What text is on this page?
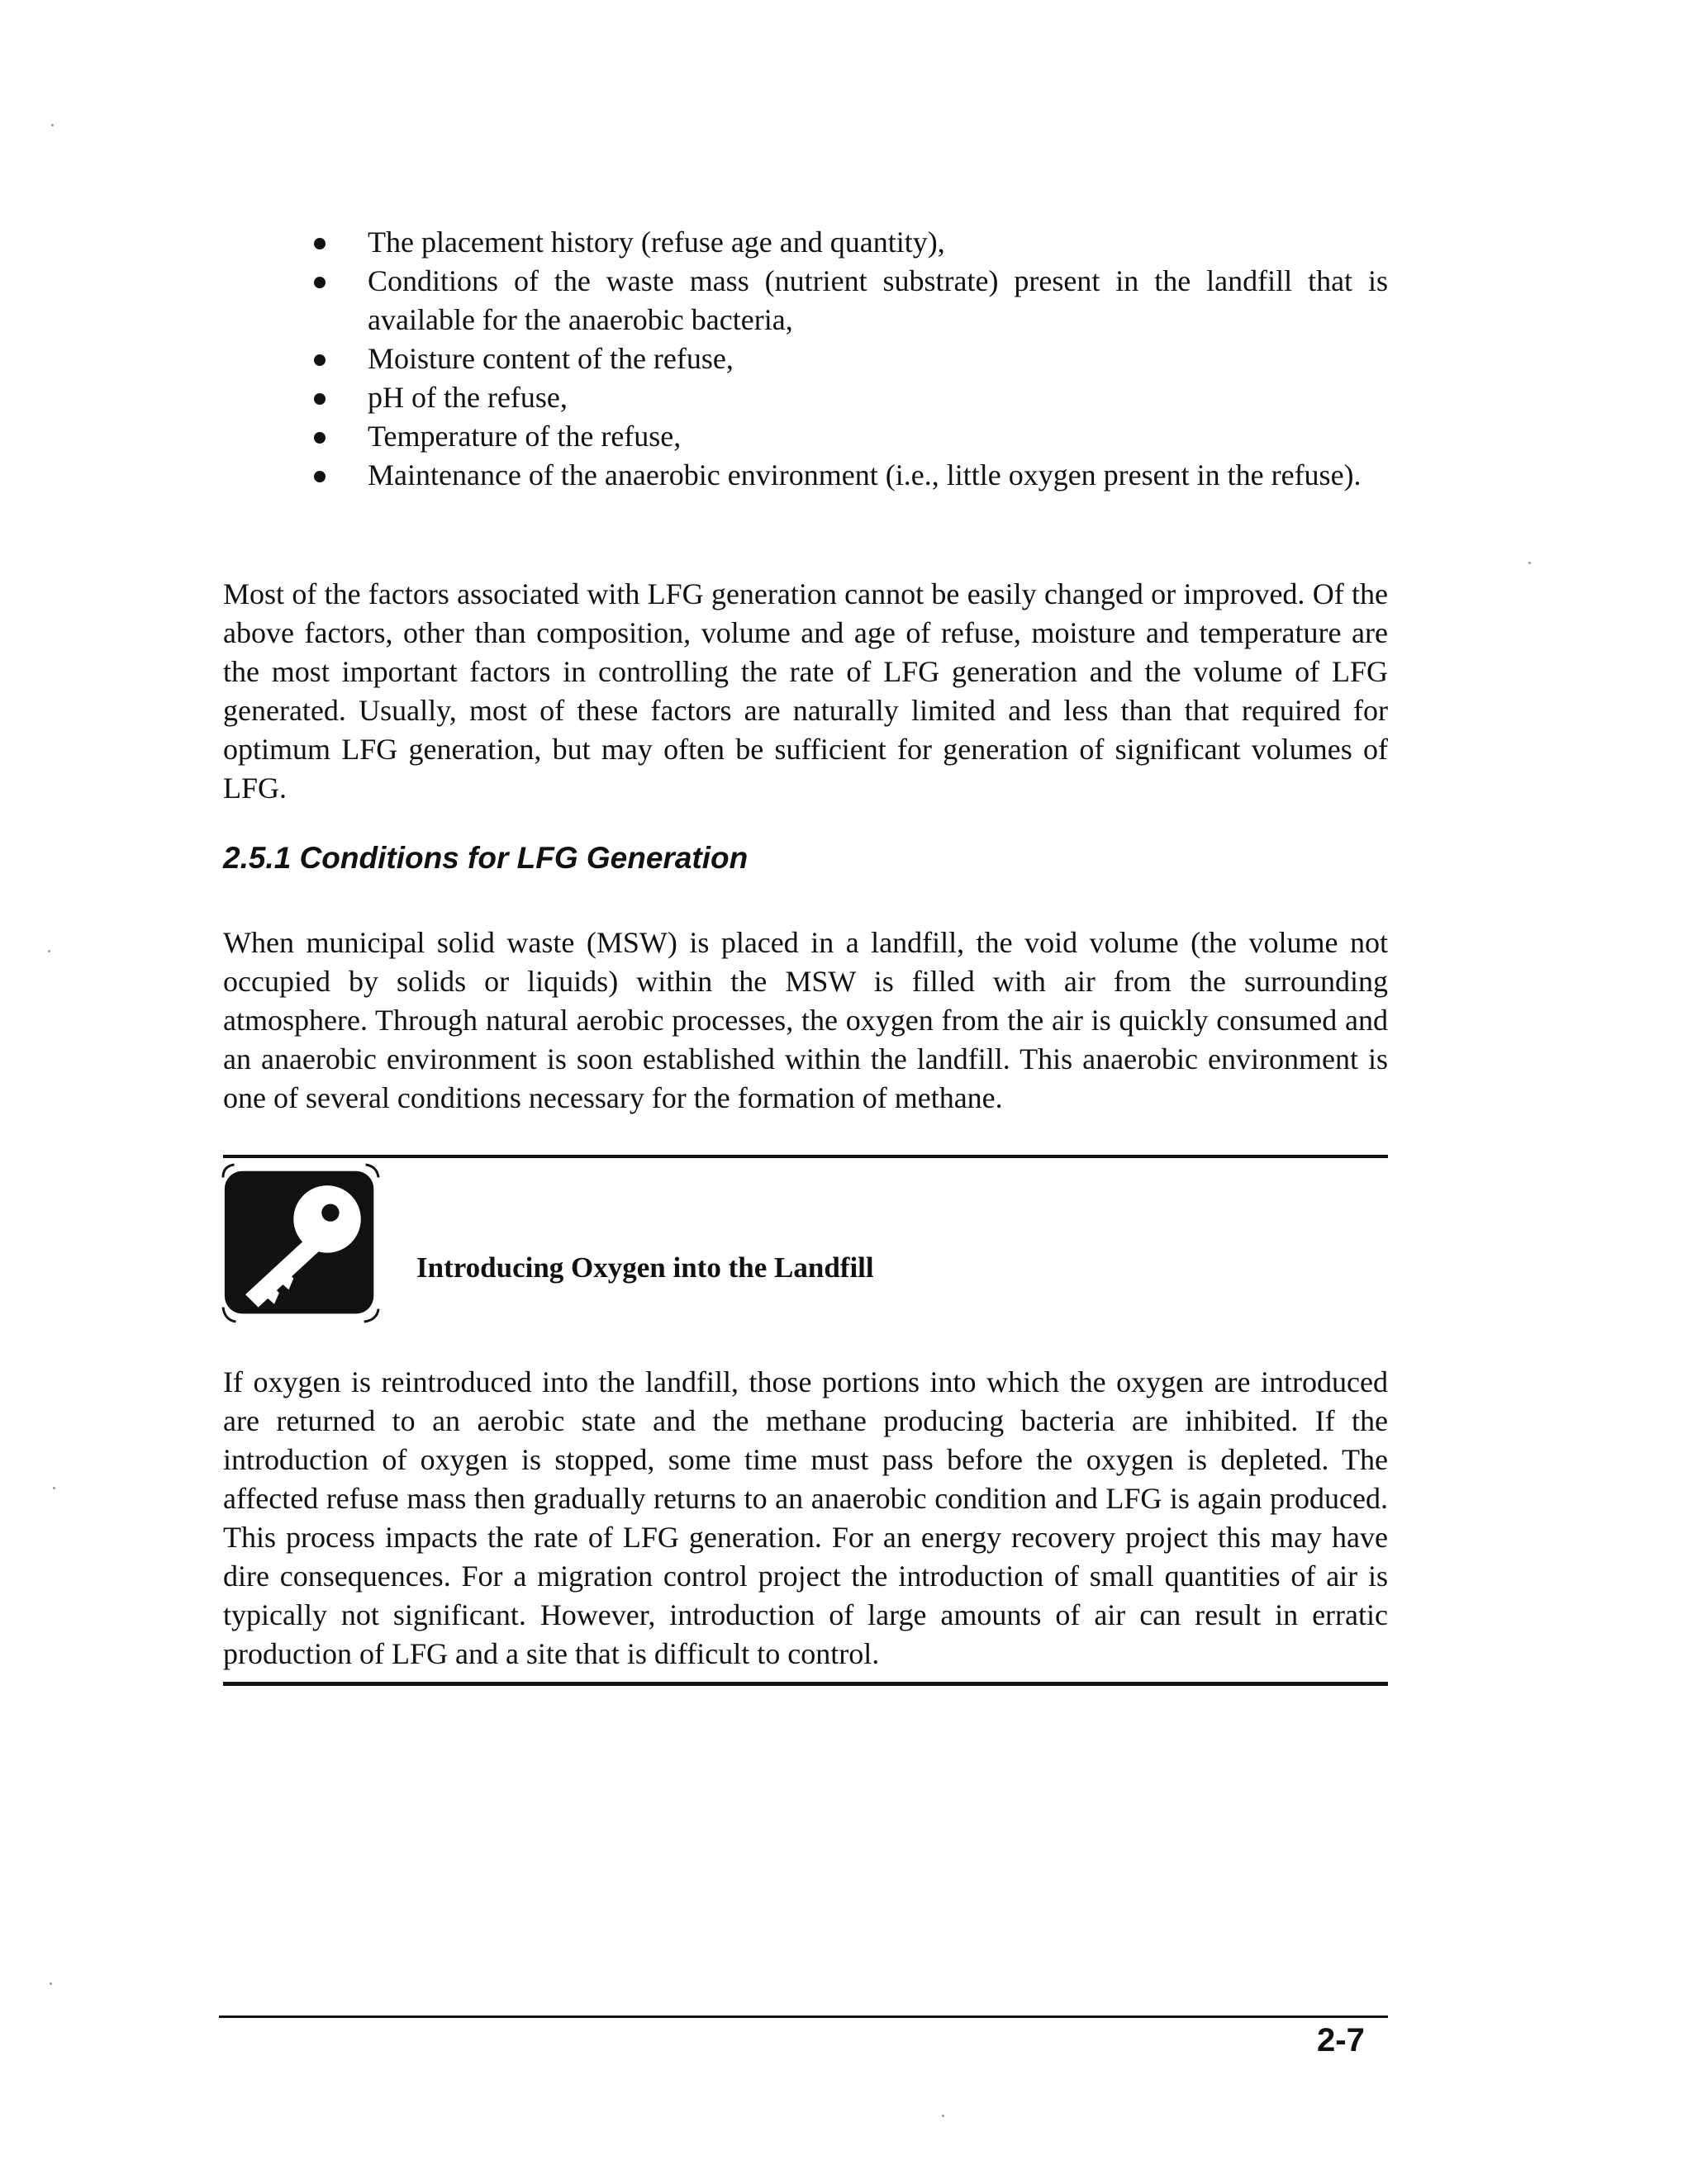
The placement history (refuse age and quantity),
Conditions of the waste mass (nutrient substrate) present in the landfill that is available for the anaerobic bacteria,
Moisture content of the refuse,
pH of the refuse,
Temperature of the refuse,
Maintenance of the anaerobic environment (i.e., little oxygen present in the refuse).

Most of the factors associated with LFG generation cannot be easily changed or improved. Of the above factors, other than composition, volume and age of refuse, moisture and temperature are the most important factors in controlling the rate of LFG generation and the volume of LFG generated. Usually, most of these factors are naturally limited and less than that required for optimum LFG generation, but may often be sufficient for generation of significant volumes of LFG.

2.5.1 Conditions for LFG Generation

When municipal solid waste (MSW) is placed in a landfill, the void volume (the volume not occupied by solids or liquids) within the MSW is filled with air from the surrounding atmosphere. Through natural aerobic processes, the oxygen from the air is quickly consumed and an anaerobic environment is soon established within the landfill. This anaerobic environment is one of several conditions necessary for the formation of methane.

Introducing Oxygen into the Landfill

If oxygen is reintroduced into the landfill, those portions into which the oxygen are introduced are returned to an aerobic state and the methane producing bacteria are inhibited. If the introduction of oxygen is stopped, some time must pass before the oxygen is depleted. The affected refuse mass then gradually returns to an anaerobic condition and LFG is again produced. This process impacts the rate of LFG generation. For an energy recovery project this may have dire consequences. For a migration control project the introduction of small quantities of air is typically not significant. However, introduction of large amounts of air can result in erratic production of LFG and a site that is difficult to control.

2-7
